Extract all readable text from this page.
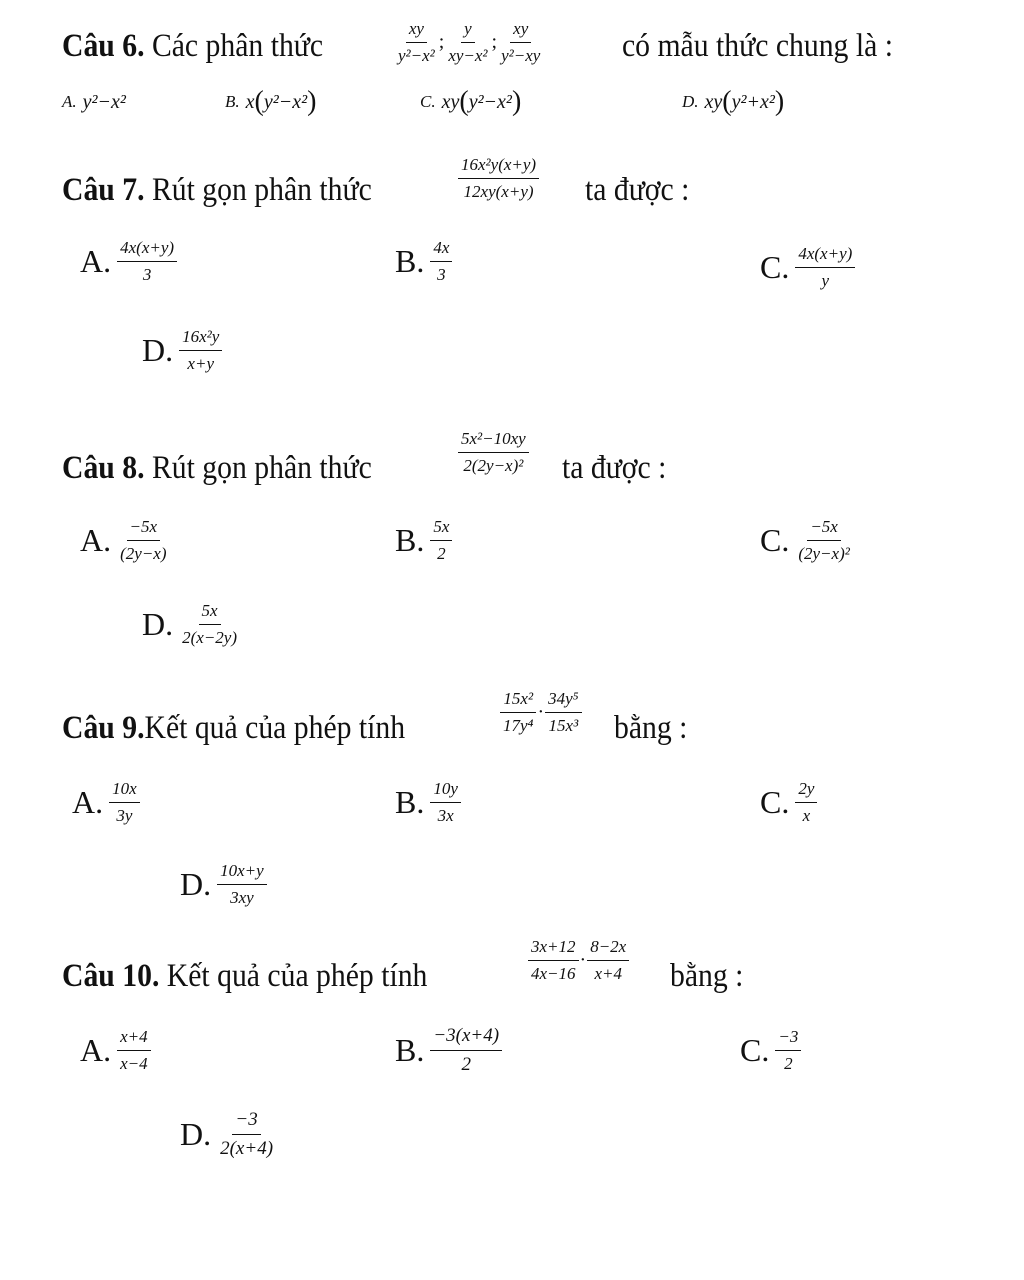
Câu 6. Các phân thức	$\frac{xy}{\text{y²−x²}}$ ; $\frac{y}{\text{xy−x²}}$ ; $\frac{xy}{\text{y²−xy}}$ có mẫu thức chung là :
A. y²−x²	B. x ( y²−x² )	C. xy ( y²−x² )	D. xy ( y²+x² )
Câu 7. Rút gọn phân thức	$\frac{\text{16x²y(x+y)}}{12xy(x+y)}$ ta được :
A. $\frac{4x(x+y)}{3}$	B. $\frac{4x}{3}$	C. $\frac{4x(x+y)}{y}$
D. $\frac{\text{16x²y}}{x+y}$
Câu 8. Rút gọn phân thức	$\frac{\text{5x²−10xy}}{\text{2(2y−x)²}}$ ta được :
A. $\frac{-5x}{(2y-x)}$	B. $\frac{5x}{2}$	C. $\frac{-5x}{\text{(2y−x)²}}$
D. $\frac{5x}{2(x-2y)}$
Câu 9.Kết quả của phép tính	$\frac{\text{15x²}}{\text{17y⁴}} \cdot \frac{\text{34y⁵}}{\text{15x³}}$ bằng :
A. $\frac{10x}{3y}$	B. $\frac{10y}{3x}$	C. $\frac{2y}{x}$
D. $\frac{10x+y}{3xy}$
Câu 10. Kết quả của phép tính	$\frac{3x+12}{4x-16} \cdot \frac{8-2x}{x+4}$ bằng :
A. $\frac{x+4}{x-4}$	B. $\frac{-3(x+4)}{2}$	C. $\frac{-3}{2}$
D. $\frac{-3}{2(x+4)}$
